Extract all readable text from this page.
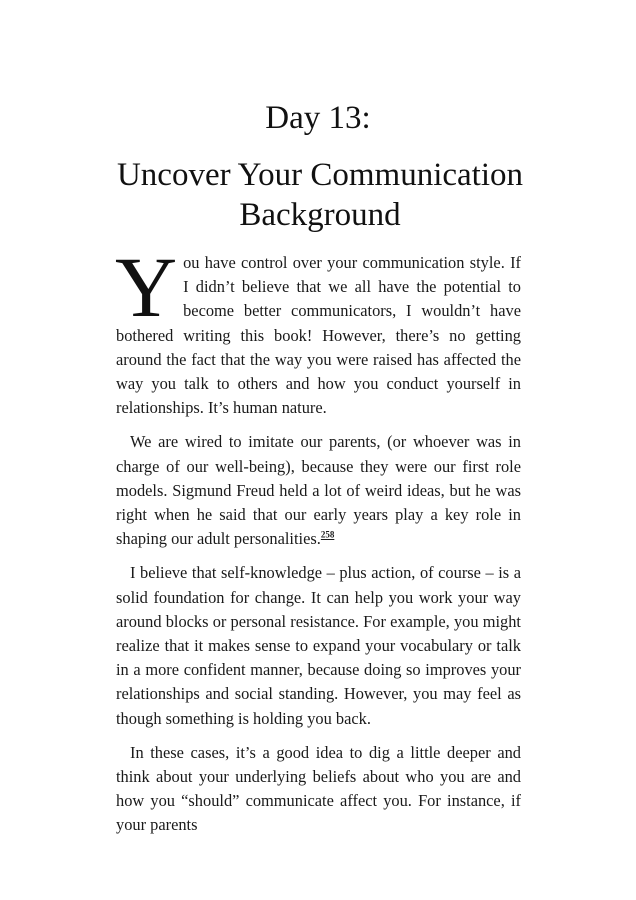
Day 13:
Uncover Your Communication Background

You have control over your communication style. If I didn’t believe that we all have the potential to become better communicators, I wouldn’t have bothered writing this book! However, there’s no getting around the fact that the way you were raised has affected the way you talk to others and how you conduct yourself in relationships. It’s human nature.

We are wired to imitate our parents, (or whoever was in charge of our well-being), because they were our first role models. Sigmund Freud held a lot of weird ideas, but he was right when he said that our early years play a key role in shaping our adult personalities.$^{258}$

I believe that self-knowledge – plus action, of course – is a solid foundation for change. It can help you work your way around blocks or personal resistance. For example, you might realize that it makes sense to expand your vocabulary or talk in a more confident manner, because doing so improves your relationships and social standing. However, you may feel as though something is holding you back.

In these cases, it’s a good idea to dig a little deeper and think about your underlying beliefs about who you are and how you “should” communicate affect you. For instance, if your parents
